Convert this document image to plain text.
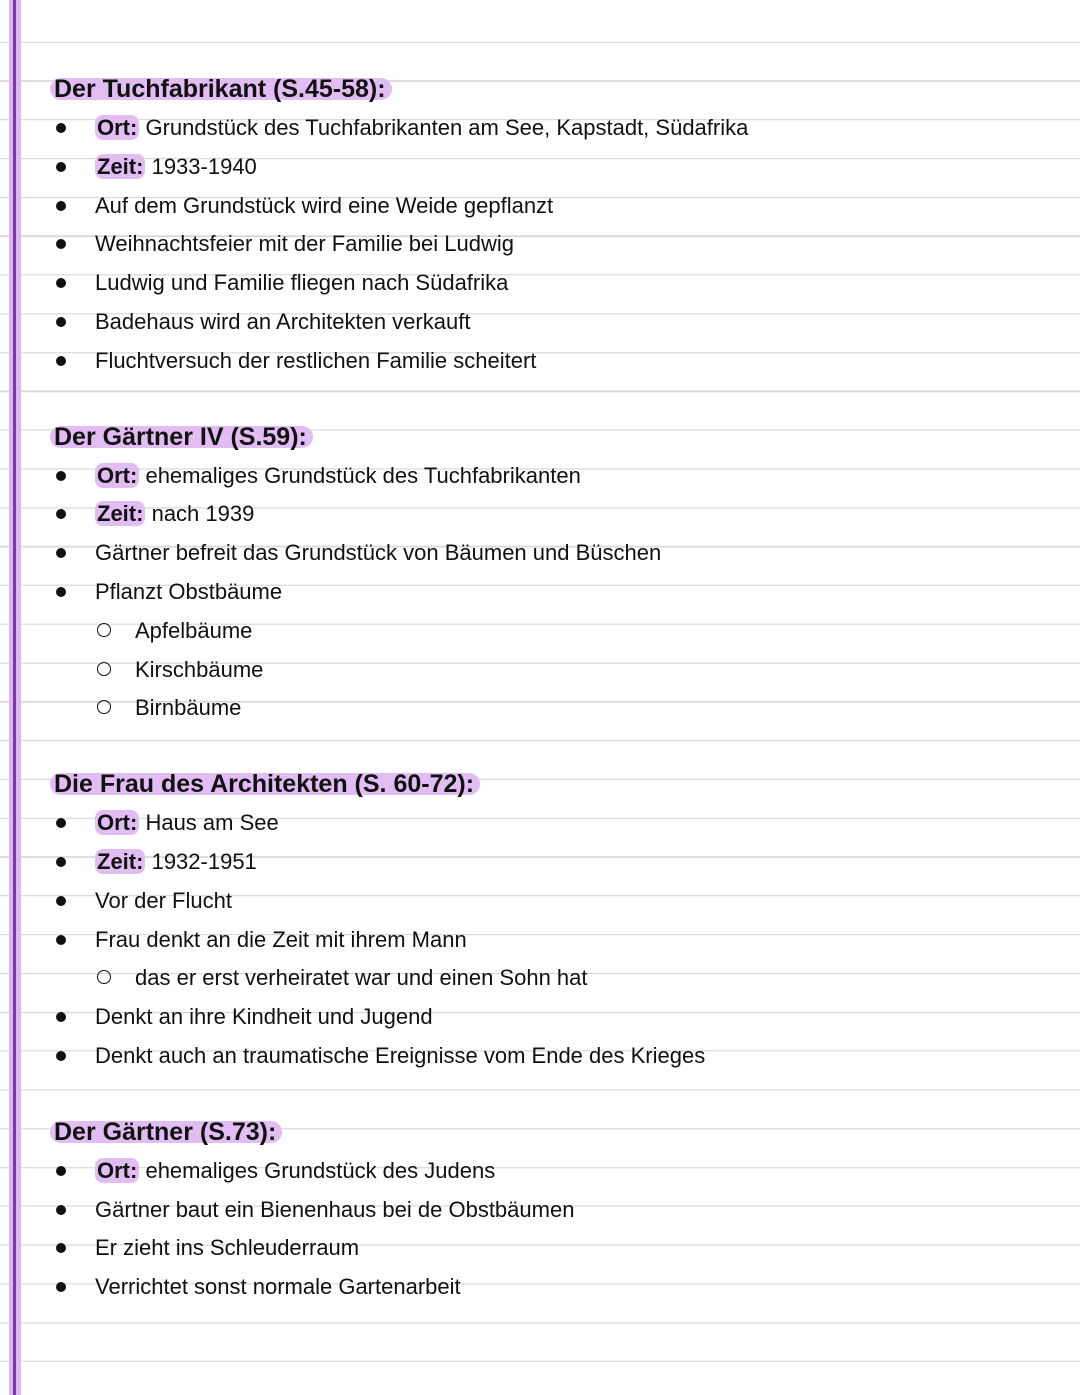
Der Tuchfabrikant (S.45-58):
Ort: Grundstück des Tuchfabrikanten am See, Kapstadt, Südafrika
Zeit: 1933-1940
Auf dem Grundstück wird eine Weide gepflanzt
Weihnachtsfeier mit der Familie bei Ludwig
Ludwig und Familie fliegen nach Südafrika
Badehaus wird an Architekten verkauft
Fluchtversuch der restlichen Familie scheitert
Der Gärtner IV (S.59):
Ort: ehemaliges Grundstück des Tuchfabrikanten
Zeit: nach 1939
Gärtner befreit das Grundstück von Bäumen und Büschen
Pflanzt Obstbäume
Apfelbäume
Kirschbäume
Birnbäume
Die Frau des Architekten (S. 60-72):
Ort: Haus am See
Zeit: 1932-1951
Vor der Flucht
Frau denkt an die Zeit mit ihrem Mann
das er erst verheiratet war und einen Sohn hat
Denkt an ihre Kindheit und Jugend
Denkt auch an traumatische Ereignisse vom Ende des Krieges
Der Gärtner (S.73):
Ort: ehemaliges Grundstück des Judens
Gärtner baut ein Bienenhaus bei de Obstbäumen
Er zieht ins Schleuderraum
Verrichtet sonst normale Gartenarbeit
